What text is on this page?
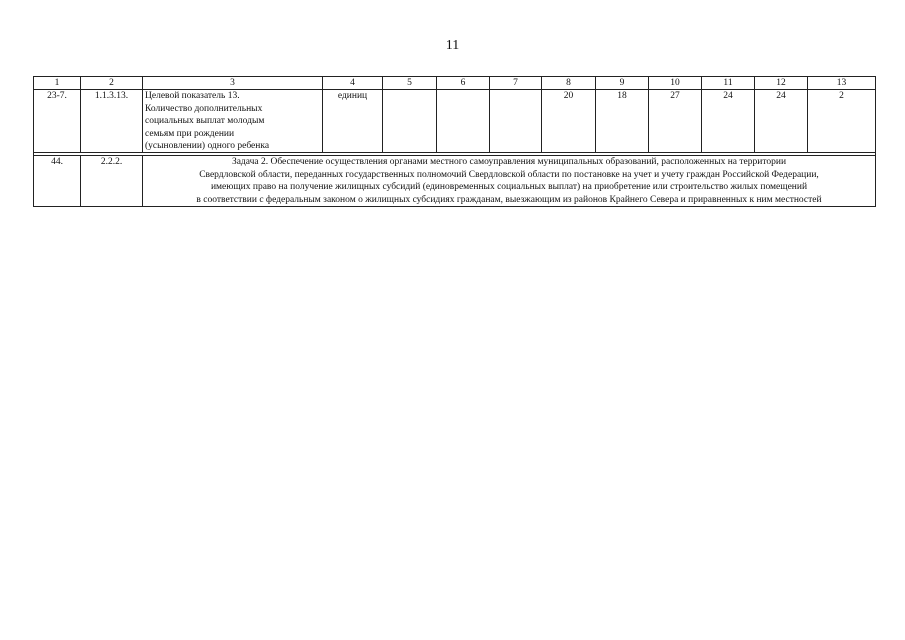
11
1	2	3	4	5	6	7	8	9	10	11	12	13
23-7.	1.1.3.13.	Целевой показатель 13.
Количество дополнительных
социальных выплат молодым
семьям при рождении
(усыновлении) одного ребенка	единиц				20	18	27	24	24	2

44.	2.2.2.	Задача 2. Обеспечение осуществления органами местного самоуправления муниципальных образований, расположенных на территории
Свердловской области, переданных государственных полномочий Свердловской области по постановке на учет и учету граждан Российской Федерации,
имеющих право на получение жилищных субсидий (единовременных социальных выплат) на приобретение или строительство жилых помещений
в соответствии с федеральным законом о жилищных субсидиях гражданам, выезжающим из районов Крайнего Севера и приравненных к ним местностей										
